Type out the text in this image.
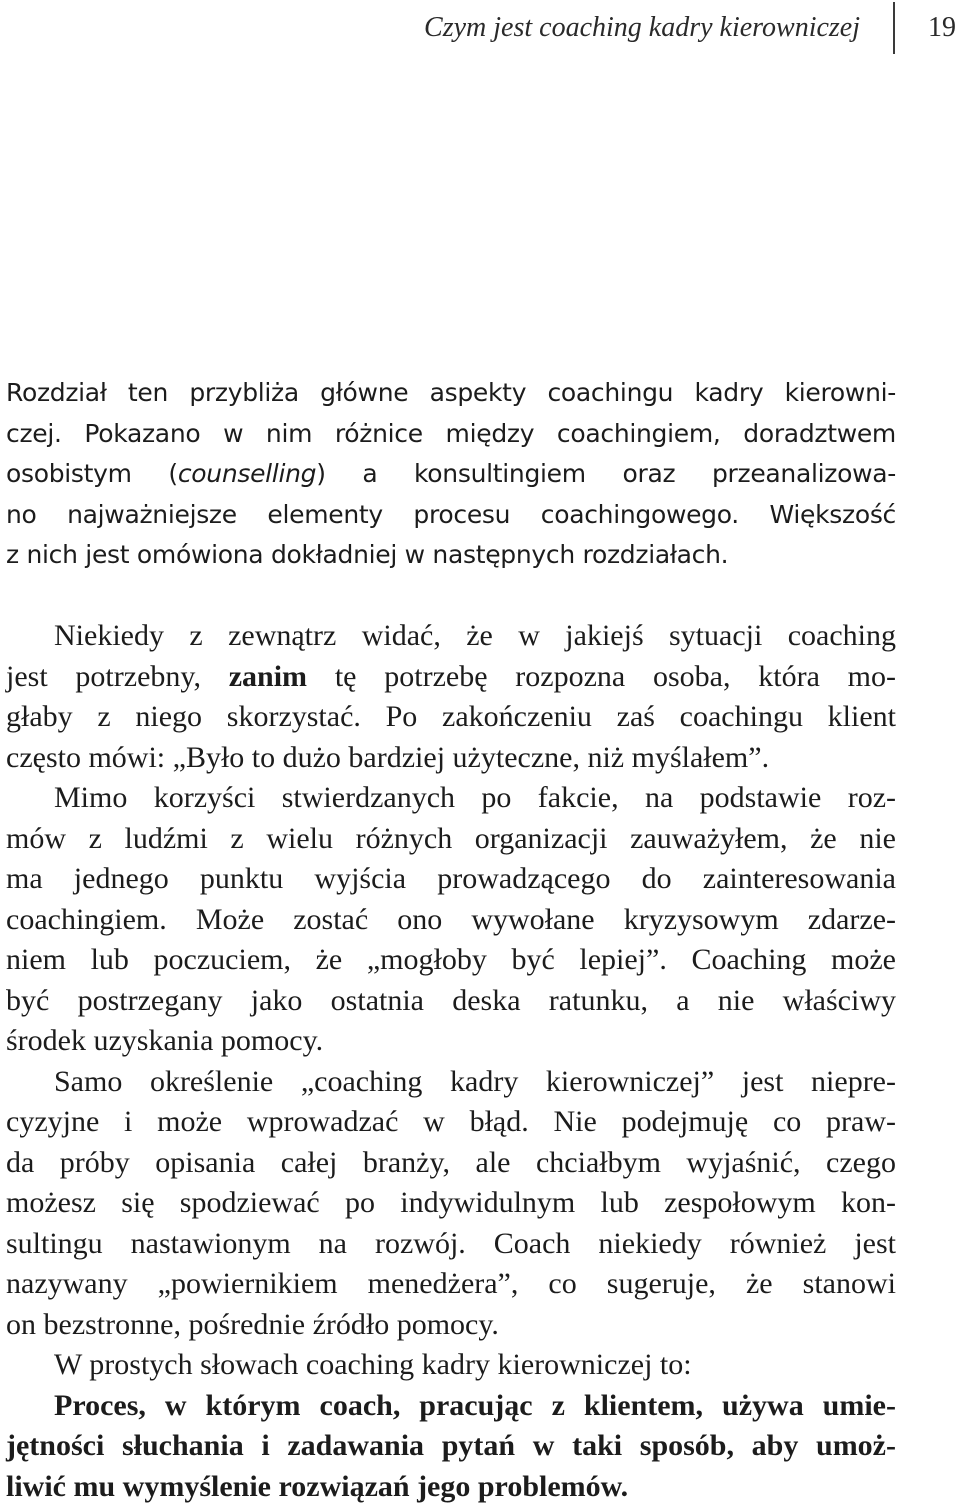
Czym jest coaching kadry kierowniczej 19
Rozdział ten przybliża główne aspekty coachingu kadry kierowni-
czej. Pokazano w nim różnice między coachingiem, doradztwem
osobistym (counselling) a konsultingiem oraz przeanalizowa-
no najważniejsze elementy procesu coachingowego. Większość
z nich jest omówiona dokładniej w następnych rozdziałach.
Niekiedy z zewnątrz widać, że w jakiejś sytuacji coaching
jest potrzebny, zanim tę potrzebę rozpozna osoba, która mo-
głaby z niego skorzystać. Po zakończeniu zaś coachingu klient
często mówi: „Było to dużo bardziej użyteczne, niż myślałem”.
Mimo korzyści stwierdzanych po fakcie, na podstawie roz-
mów z ludźmi z wielu różnych organizacji zauważyłem, że nie
ma jednego punktu wyjścia prowadzącego do zainteresowania
coachingiem. Może zostać ono wywołane kryzysowym zdarze-
niem lub poczuciem, że „mogłoby być lepiej”. Coaching może
być postrzegany jako ostatnia deska ratunku, a nie właściwy
środek uzyskania pomocy.
Samo określenie „coaching kadry kierowniczej” jest niepre-
cyzyjne i może wprowadzać w błąd. Nie podejmuję co praw-
da próby opisania całej branży, ale chciałbym wyjaśnić, czego
możesz się spodziewać po indywidulnym lub zespołowym kon-
sultingu nastawionym na rozwój. Coach niekiedy również jest
nazywany „powiernikiem menedżera”, co sugeruje, że stanowi
on bezstronne, pośrednie źródło pomocy.
W prostych słowach coaching kadry kierowniczej to:
Proces, w którym coach, pracując z klientem, używa umie-
jętności słuchania i zadawania pytań w taki sposób, aby umoż-
liwić mu wymyślenie rozwiązań jego problemów.
